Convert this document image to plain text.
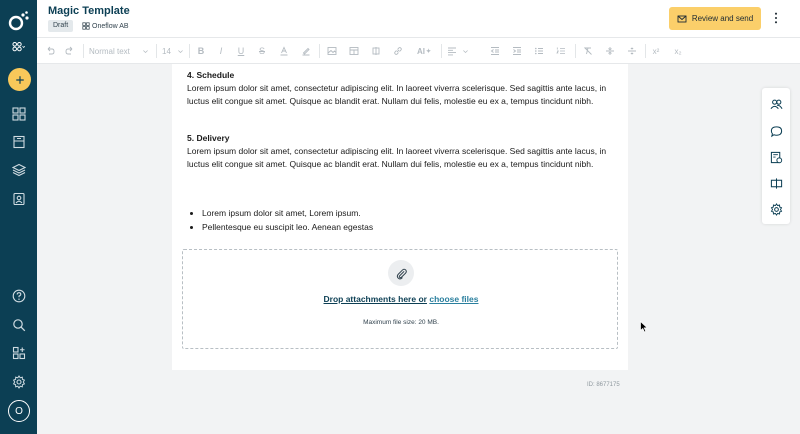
O
Magic Template
Draft	Oneflow AB
Review and send
Normal text	14	B	I	U	S	AI ✦	x²	x₂
4. Schedule

Lorem ipsum dolor sit amet, consectetur adipiscing elit. In laoreet viverra scelerisque. Sed sagittis ante lacus, in luctus elit congue sit amet. Quisque ac blandit erat. Nullam dui felis, molestie eu ex a, tempus tincidunt nibh.

5. Delivery

Lorem ipsum dolor sit amet, consectetur adipiscing elit. In laoreet viverra scelerisque. Sed sagittis ante lacus, in luctus elit congue sit amet. Quisque ac blandit erat. Nullam dui felis, molestie eu ex a, tempus tincidunt nibh.

• Lorem ipsum dolor sit amet, Lorem ipsum.
• Pellentesque eu suscipit leo. Aenean egestas
Drop attachments here or choose files
Maximum file size: 20 MB.
ID: 8677175
